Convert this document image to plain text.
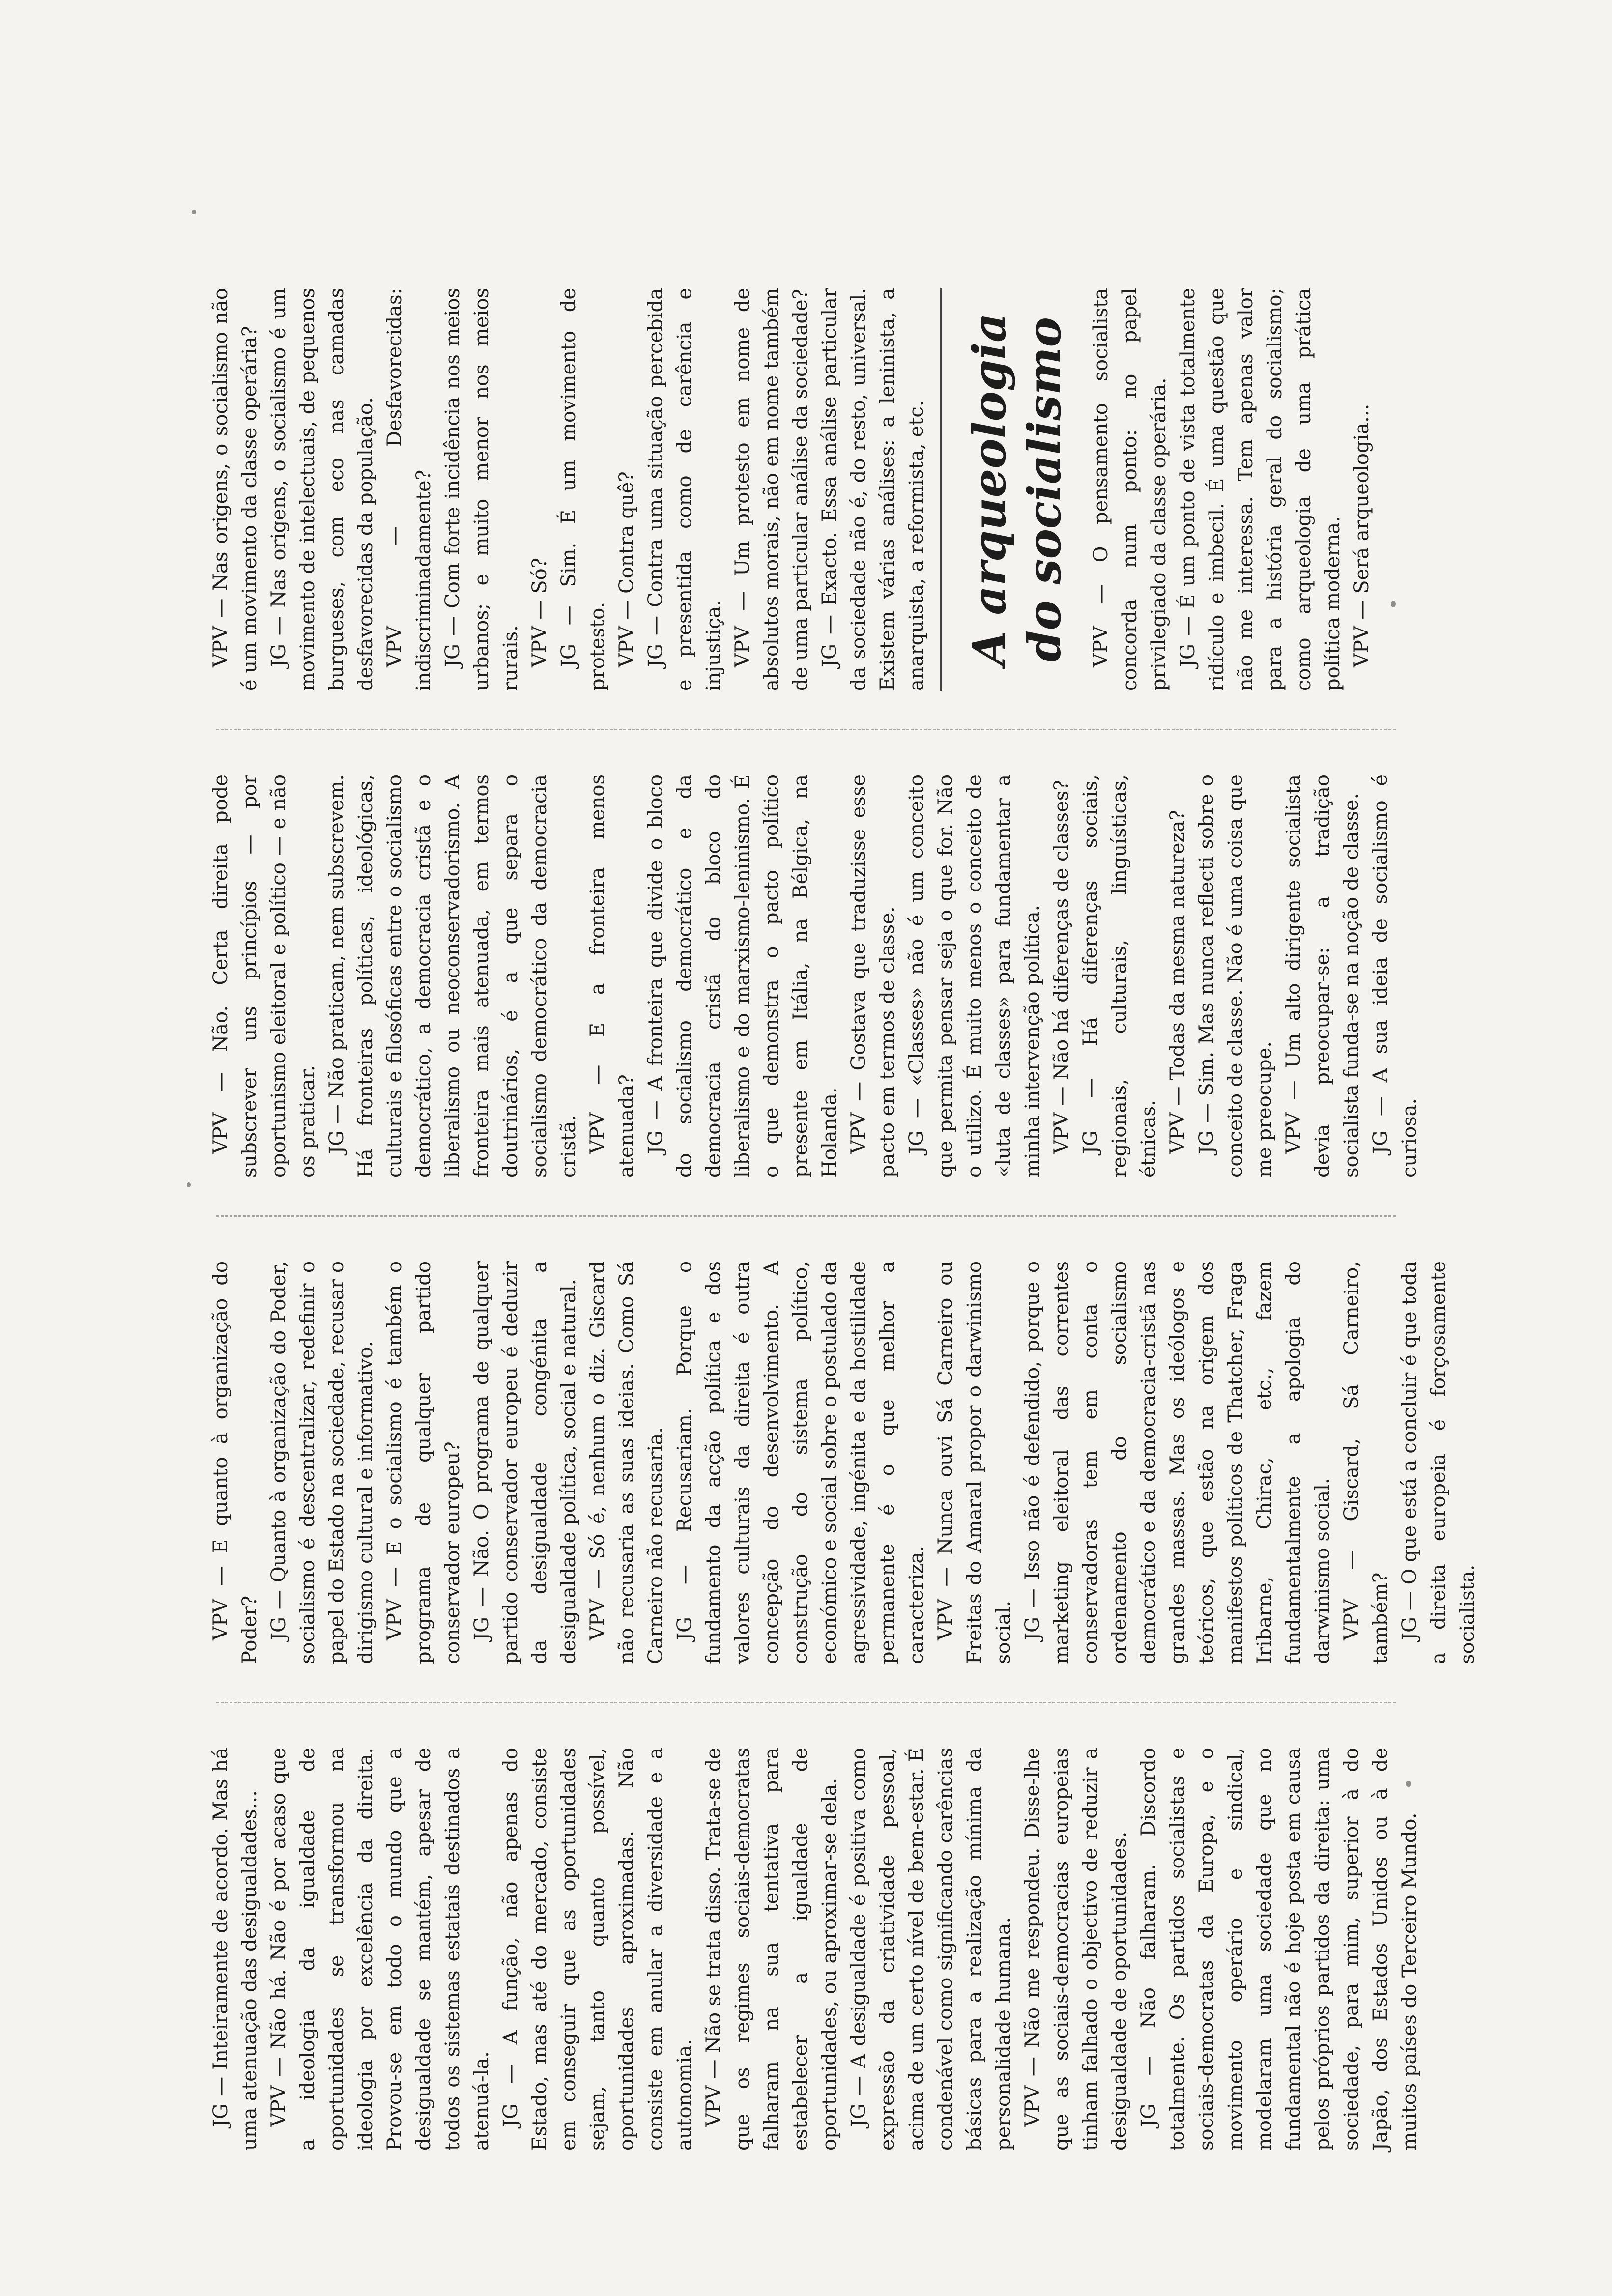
JG — Inteiramente de acordo. Mas há uma atenuação das desigualdades... VPV — Não há. Não é por acaso que a ideologia da igualdade de oportunidades se transformou na ideologia por excelência da direita. Provou-se em todo o mundo que a desigualdade se mantém, apesar de todos os sistemas estatais destinados a atenuá-la. JG — A função, não apenas do Estado, mas até do mercado, consiste em conseguir que as oportunidades sejam, tanto quanto possível, oportunidades aproximadas. Não consiste em anular a diversidade e a autonomia. VPV — Não se trata disso. Trata-se de que os regimes sociais-democratas falharam na sua tentativa para estabelecer a igualdade de oportunidades, ou aproximar-se dela. JG — A desigualdade é positiva como expressão da criatividade pessoal, acima de um certo nível de bem-estar. É condenável como significando carências básicas para a realização mínima da personalidade humana. VPV — Não me respondeu. Disse-lhe que as sociais-democracias europeias tinham falhado o objectivo de reduzir a desigualdade de oportunidades. JG — Não falharam. Discordo totalmente. Os partidos socialistas e sociais-democratas da Europa, e o movimento operário e sindical, modelaram uma sociedade que no fundamental não é hoje posta em causa pelos próprios partidos da direita: uma sociedade, para mim, superior à do Japão, dos Estados Unidos ou à de muitos países do Terceiro Mundo.

VPV — E quanto à organização do Poder? JG — Quanto à organização do Poder, socialismo é descentralizar, redefinir o papel do Estado na sociedade, recusar o dirigismo cultural e informativo. VPV — E o socialismo é também o programa de qualquer partido conservador europeu? JG — Não. O programa de qualquer partido conservador europeu é deduzir da desigualdade congénita a desigualdade política, social e natural. VPV — Só é, nenhum o diz. Giscard não recusaria as suas ideias. Como Sá Carneiro não recusaria. JG — Recusariam. Porque o fundamento da acção política e dos valores culturais da direita é outra concepção do desenvolvimento. A construção do sistema político, económico e social sobre o postulado da agressividade, ingénita e da hostilidade permanente é o que melhor a caracteriza. VPV — Nunca ouvi Sá Carneiro ou Freitas do Amaral propor o darwinismo social. JG — Isso não é defendido, porque o marketing eleitoral das correntes conservadoras tem em conta o ordenamento do socialismo democrático e da democracia-cristã nas grandes massas. Mas os ideólogos e teóricos, que estão na origem dos manifestos políticos de Thatcher, Fraga Iribarne, Chirac, etc., fazem fundamentalmente a apologia do darwinismo social. VPV — Giscard, Sá Carneiro, também? JG — O que está a concluir é que toda a direita europeia é forçosamente socialista.

VPV — Não. Certa direita pode subscrever uns princípios — por oportunismo eleitoral e político — e não os praticar. JG — Não praticam, nem subscrevem. Há fronteiras políticas, ideológicas, culturais e filosóficas entre o socialismo democrático, a democracia cristã e o liberalismo ou neoconservadorismo. A fronteira mais atenuada, em termos doutrinários, é a que separa o socialismo democrático da democracia cristã. VPV — E a fronteira menos atenuada? JG — A fronteira que divide o bloco do socialismo democrático e da democracia cristã do bloco do liberalismo e do marxismo-leninismo. É o que demonstra o pacto político presente em Itália, na Bélgica, na Holanda. VPV — Gostava que traduzisse esse pacto em termos de classe. JG — «Classes» não é um conceito que permita pensar seja o que for. Não o utilizo. É muito menos o conceito de «luta de classes» para fundamentar a minha intervenção política. VPV — Não há diferenças de classes? JG — Há diferenças sociais, regionais, culturais, linguísticas, étnicas. VPV — Todas da mesma natureza? JG — Sim. Mas nunca reflecti sobre o conceito de classe. Não é uma coisa que me preocupe. VPV — Um alto dirigente socialista devia preocupar-se: a tradição socialista funda-se na noção de classe. JG — A sua ideia de socialismo é curiosa.

VPV — Nas origens, o socialismo não é um movimento da classe operária? JG — Nas origens, o socialismo é um movimento de intelectuais, de pequenos burgueses, com eco nas camadas desfavorecidas da população. VPV — Desfavorecidas: indiscriminadamente? JG — Com forte incidência nos meios urbanos; e muito menor nos meios rurais. VPV — Só? JG — Sim. É um movimento de protesto. VPV — Contra quê? JG — Contra uma situação percebida e presentida como de carência e injustiça. VPV — Um protesto em nome de absolutos morais, não em nome também de uma particular análise da sociedade? JG — Exacto. Essa análise particular da sociedade não é, do resto, universal. Existem várias análises: a leninista, a anarquista, a reformista, etc. A arqueologia do socialismo VPV — O pensamento socialista concorda num ponto: no papel privilegiado da classe operária. JG — É um ponto de vista totalmente ridículo e imbecil. É uma questão que não me interessa. Tem apenas valor para a história geral do socialismo; como arqueologia de uma prática política moderna. VPV — Será arqueologia...
